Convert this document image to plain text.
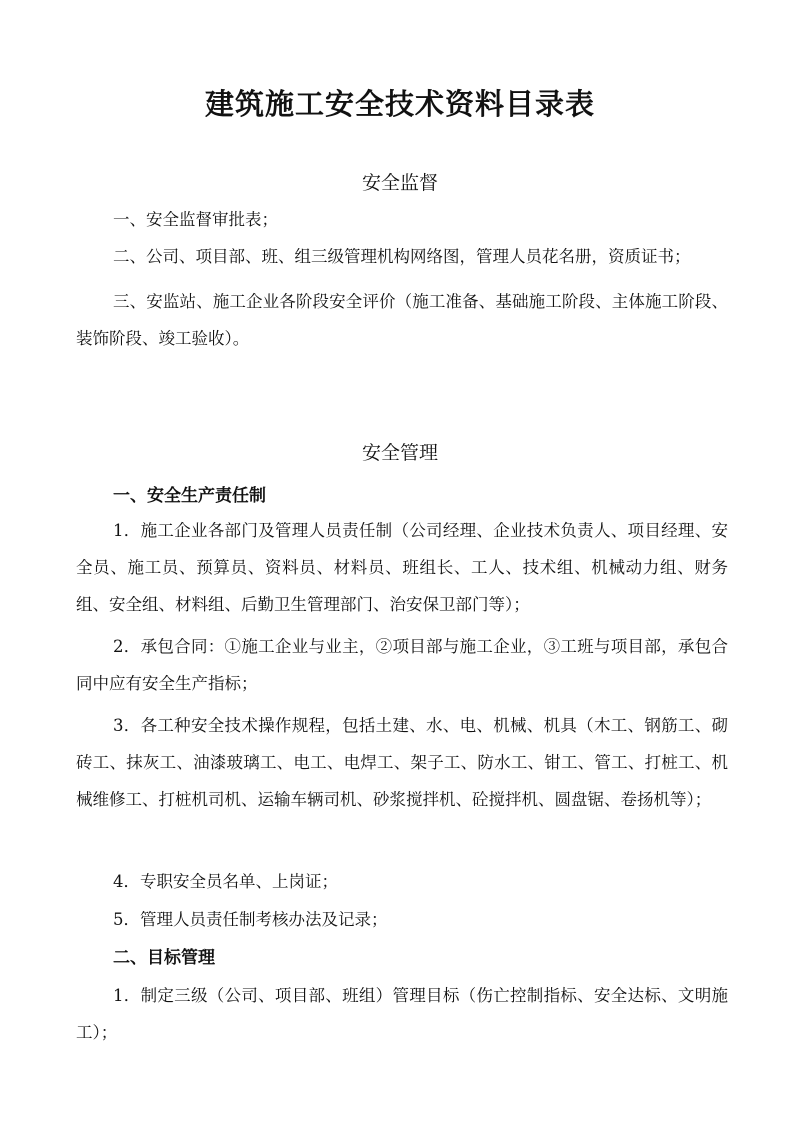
建筑施工安全技术资料目录表
安全监督

一、安全监督审批表；

二、公司、项目部、班、组三级管理机构网络图，管理人员花名册，资质证书；

三、安监站、施工企业各阶段安全评价（施工准备、基础施工阶段、主体施工阶段、装饰阶段、竣工验收）。

安全管理
一、安全生产责任制

1．施工企业各部门及管理人员责任制（公司经理、企业技术负责人、项目经理、安全员、施工员、预算员、资料员、材料员、班组长、工人、技术组、机械动力组、财务组、安全组、材料组、后勤卫生管理部门、治安保卫部门等）；

2．承包合同：①施工企业与业主，②项目部与施工企业，③工班与项目部，承包合同中应有安全生产指标；

3．各工种安全技术操作规程，包括土建、水、电、机械、机具（木工、钢筋工、砌砖工、抹灰工、油漆玻璃工、电工、电焊工、架子工、防水工、钳工、管工、打桩工、机械维修工、打桩机司机、运输车辆司机、砂浆搅拌机、砼搅拌机、圆盘锯、卷扬机等）；

4．专职安全员名单、上岗证；

5．管理人员责任制考核办法及记录；

二、目标管理

1．制定三级（公司、项目部、班组）管理目标（伤亡控制指标、安全达标、文明施工）；
